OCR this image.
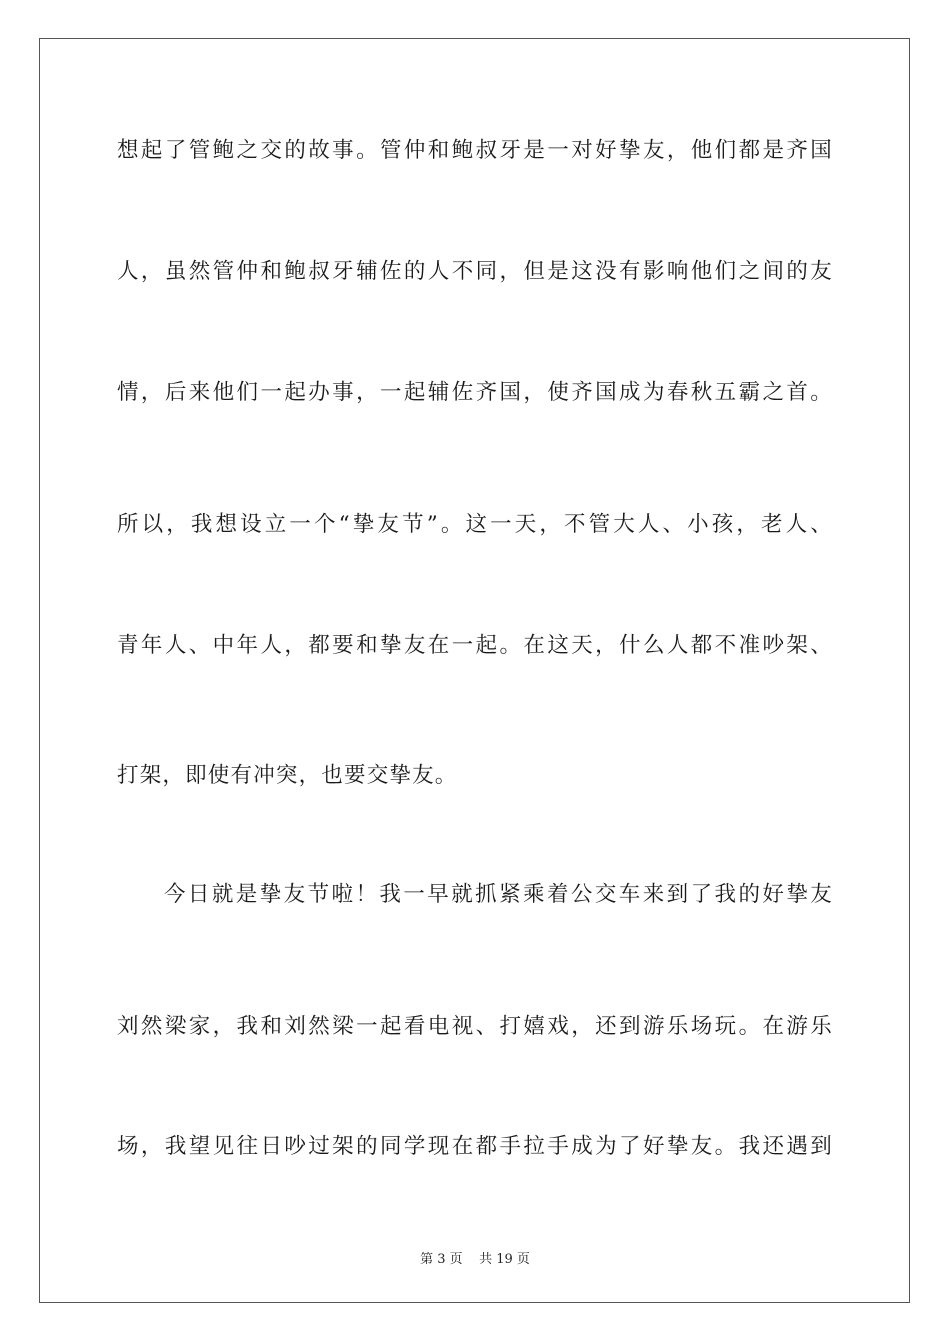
想起了管鲍之交的故事。管仲和鲍叔牙是一对好挚友，他们都是齐国
人，虽然管仲和鲍叔牙辅佐的人不同，但是这没有影响他们之间的友
情，后来他们一起办事，一起辅佐齐国，使齐国成为春秋五霸之首。
所以，我想设立一个“挚友节”。这一天，不管大人、小孩，老人、
青年人、中年人，都要和挚友在一起。在这天，什么人都不准吵架、
打架，即使有冲突，也要交挚友。
今日就是挚友节啦！我一早就抓紧乘着公交车来到了我的好挚友
刘然梁家，我和刘然梁一起看电视、打嬉戏，还到游乐场玩。在游乐
场，我望见往日吵过架的同学现在都手拉手成为了好挚友。我还遇到
第 3 页    共 19 页
